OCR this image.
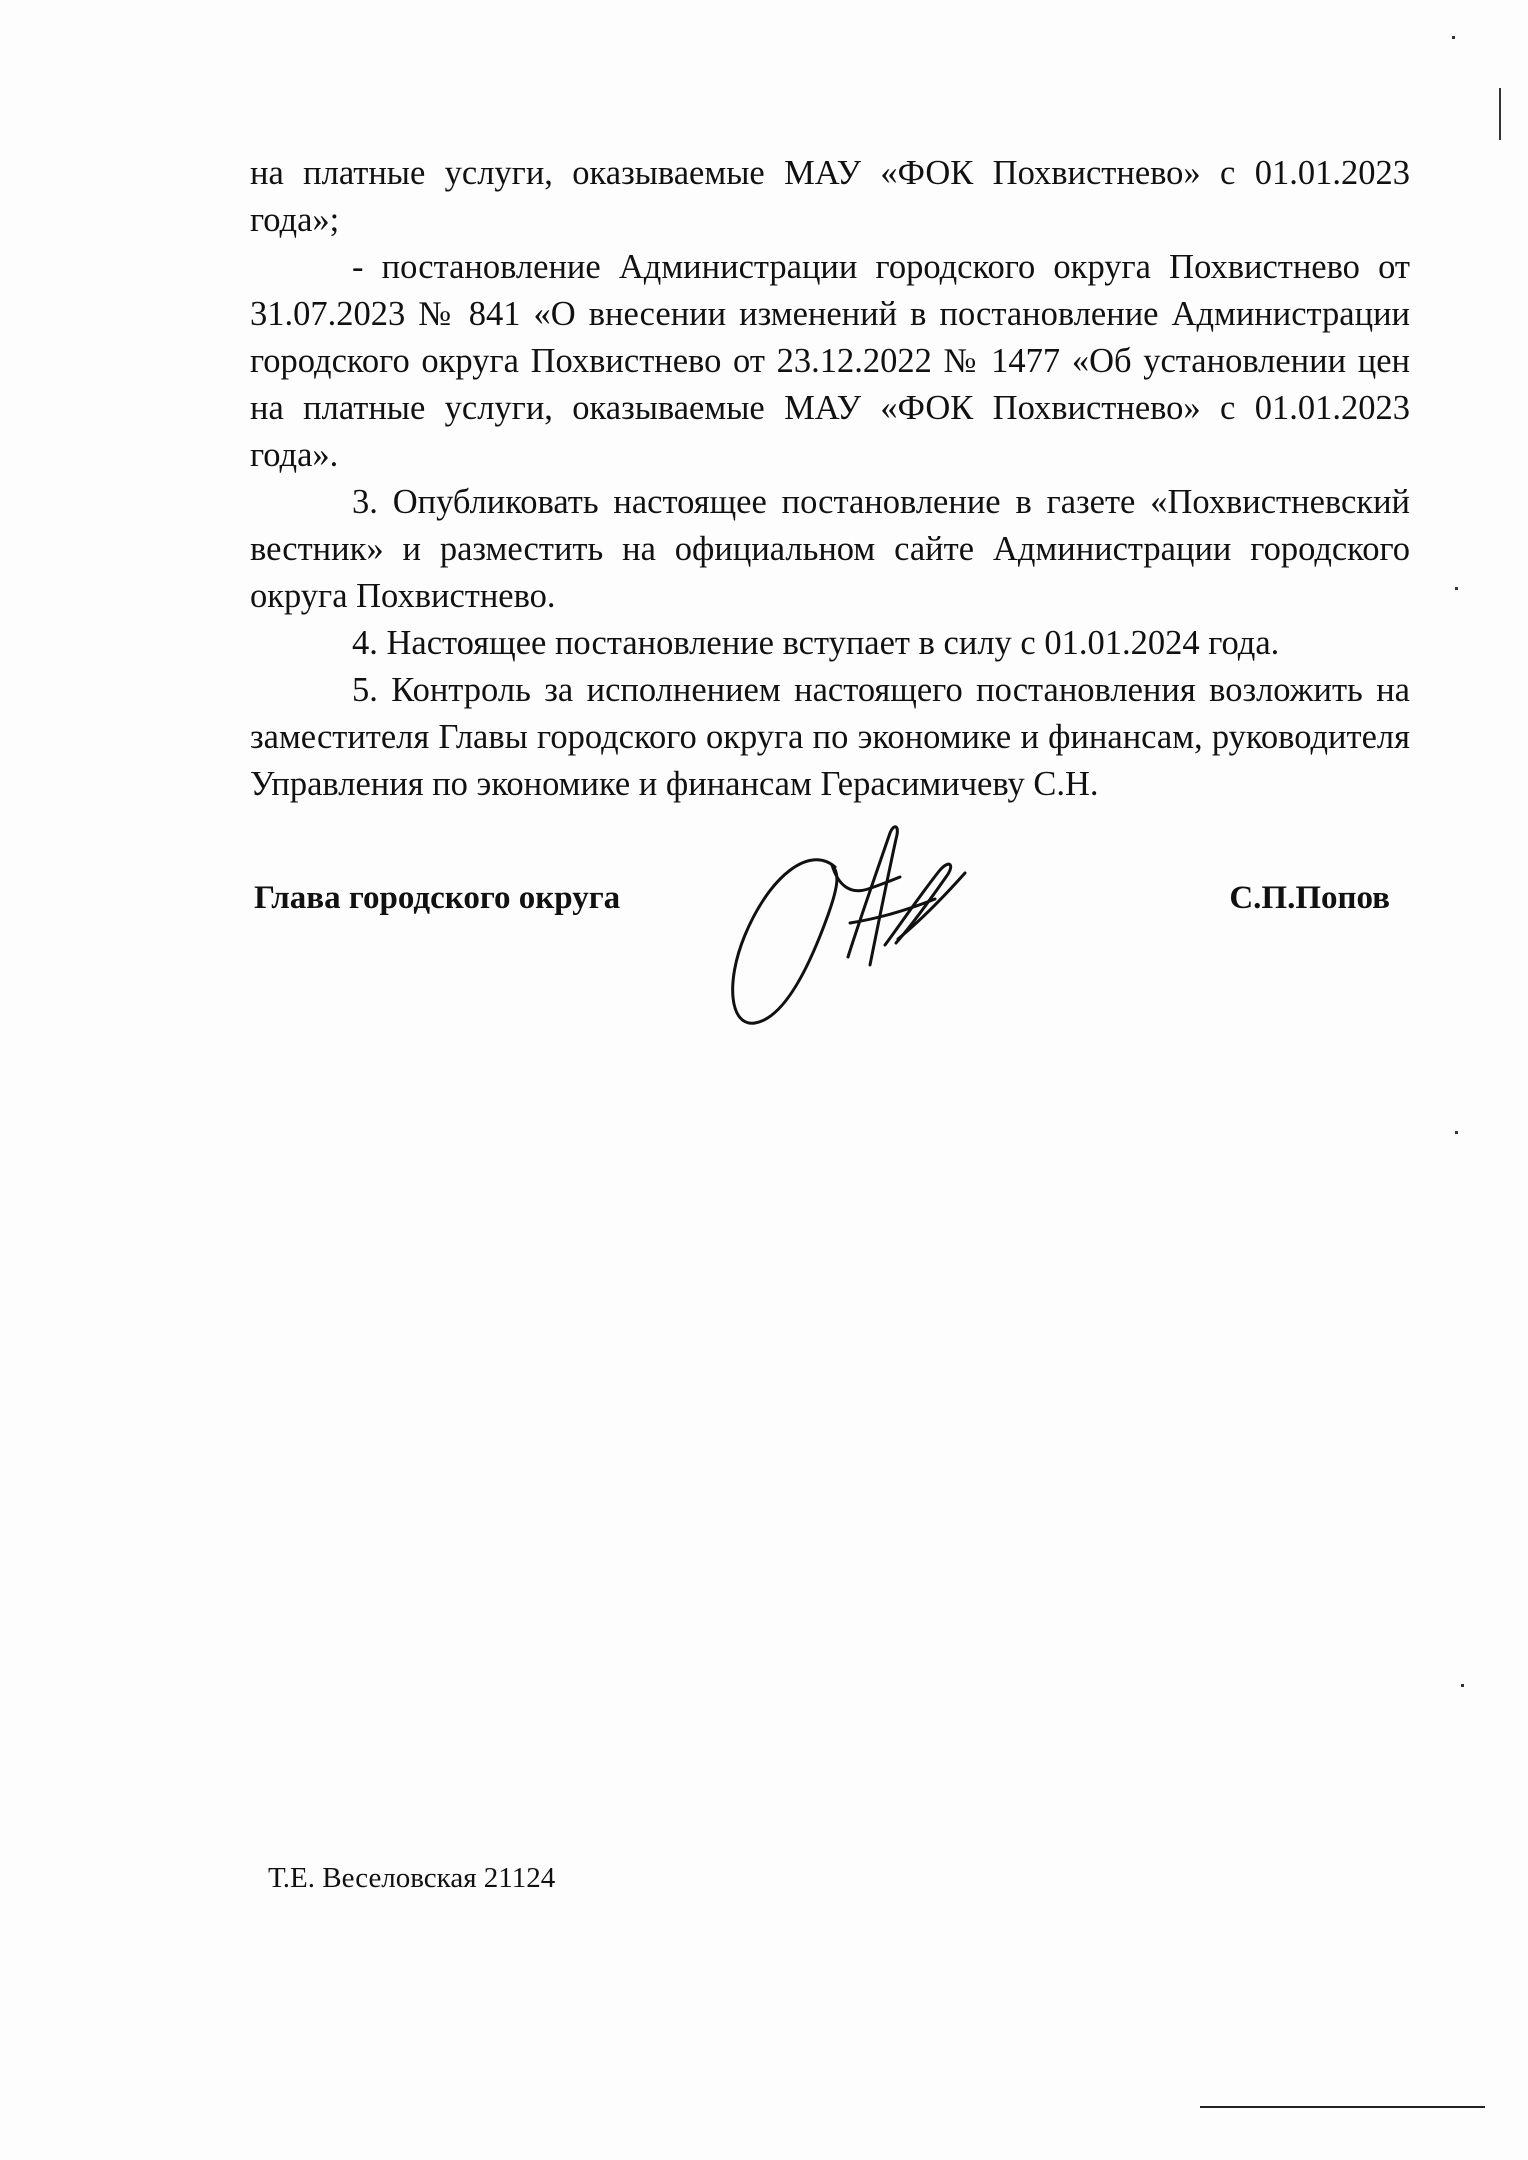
на платные услуги, оказываемые МАУ «ФОК Похвистнево» с 01.01.2023 года»;

- постановление Администрации городского округа Похвистнево от 31.07.2023 № 841 «О внесении изменений в постановление Администрации городского округа Похвистнево от 23.12.2022 № 1477 «Об установлении цен на платные услуги, оказываемые МАУ «ФОК Похвистнево» с 01.01.2023 года».

3. Опубликовать настоящее постановление в газете «Похвистневский вестник» и разместить на официальном сайте Администрации городского округа Похвистнево.

4. Настоящее постановление вступает в силу с 01.01.2024 года.

5. Контроль за исполнением настоящего постановления возложить на заместителя Главы городского округа по экономике и финансам, руководителя Управления по экономике и финансам Герасимичеву С.Н.

Глава городского округа	С.П.Попов
Т.Е. Веселовская 21124
